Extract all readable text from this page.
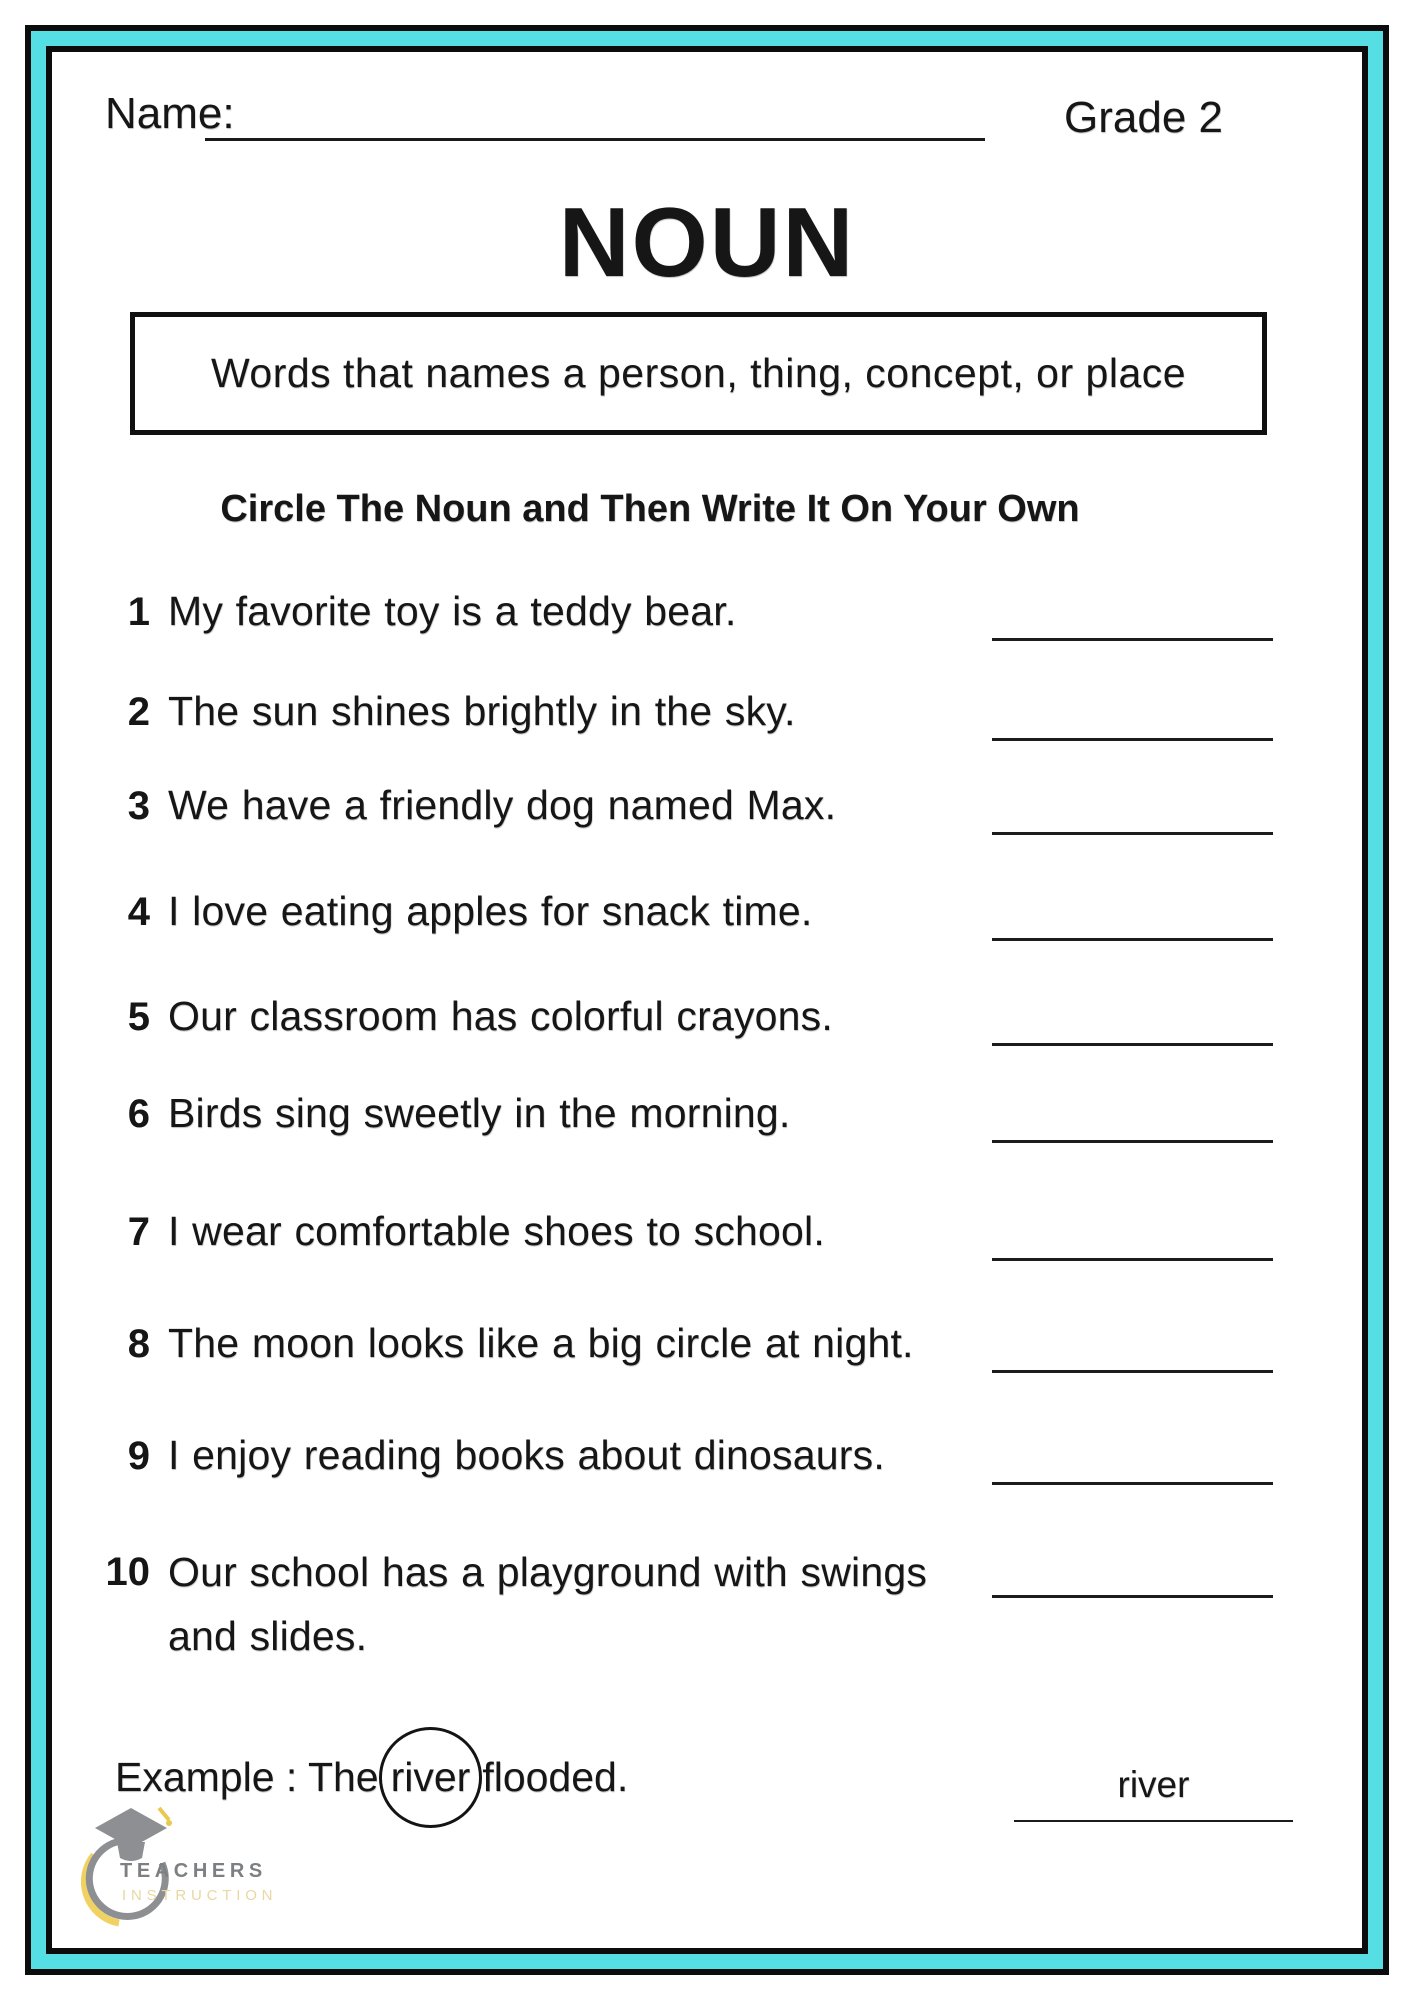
Name:	Grade 2
NOUN
Words that names a person, thing, concept, or place
Circle The Noun and Then Write It On Your Own
1 My favorite toy is a teddy bear.
2 The sun shines brightly in the sky.
3 We have a friendly dog named Max.
4 I love eating apples for snack time.
5 Our classroom has colorful crayons.
6 Birds sing sweetly in the morning.
7 I wear comfortable shoes to school.
8 The moon looks like a big circle at night.
9 I enjoy reading books about dinosaurs.
10 Our school has a playground with swings and slides.
Example : The river flooded.	river
TEACHERS
INSTRUCTION
